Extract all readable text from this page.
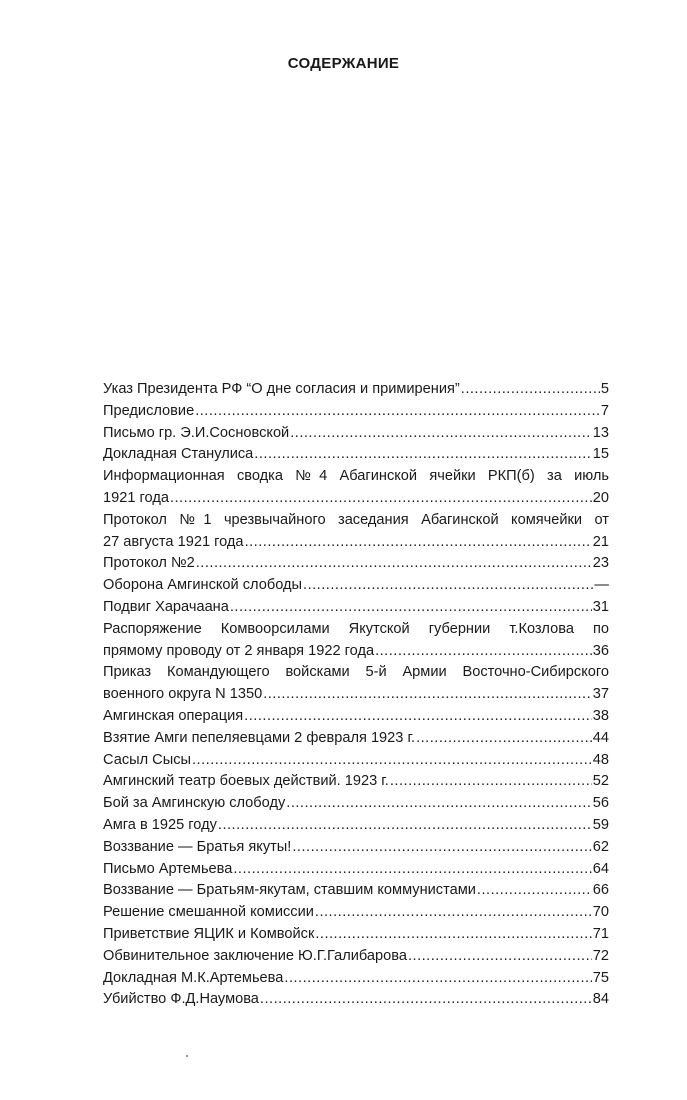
СОДЕРЖАНИЕ
Указ Президента РФ “О дне согласия и примирения” .....	5
Предисловие .....	7
Письмо гр. Э.И.Сосновской .....	13
Докладная Станулиса .....	15
Информационная сводка №4 Абагинской ячейки РКП(б) за июль
1921 года .....	20
Протокол №1 чрезвычайного заседания Абагинской комячейки от
27 августа 1921 года .....	21
Протокол №2 .....	23
Оборона Амгинской слободы .....	—
Подвиг Харачаана .....	31
Распоряжение Комвоорсилами Якутской губернии т.Козлова по
прямому проводу от 2 января 1922 года .....	36
Приказ Командующего войсками 5-й Армии Восточно-Сибирского
военного округа N 1350 .....	37
Амгинская операция .....	38
Взятие Амги пепеляевцами 2 февраля 1923 г. .....	44
Сасыл Сысы .....	48
Амгинский театр боевых действий. 1923 г. .....	52
Бой за Амгинскую слободу .....	56
Амга в 1925 году .....	59
Воззвание — Братья якуты! .....	62
Письмо Артемьева .....	64
Воззвание — Братьям-якутам, ставшим коммунистами .....	66
Решение смешанной комиссии .....	70
Приветствие ЯЦИК и Комвойск .....	71
Обвинительное заключение Ю.Г.Галибарова .....	72
Докладная М.К.Артемьева .....	75
Убийство Ф.Д.Наумова .....	84
